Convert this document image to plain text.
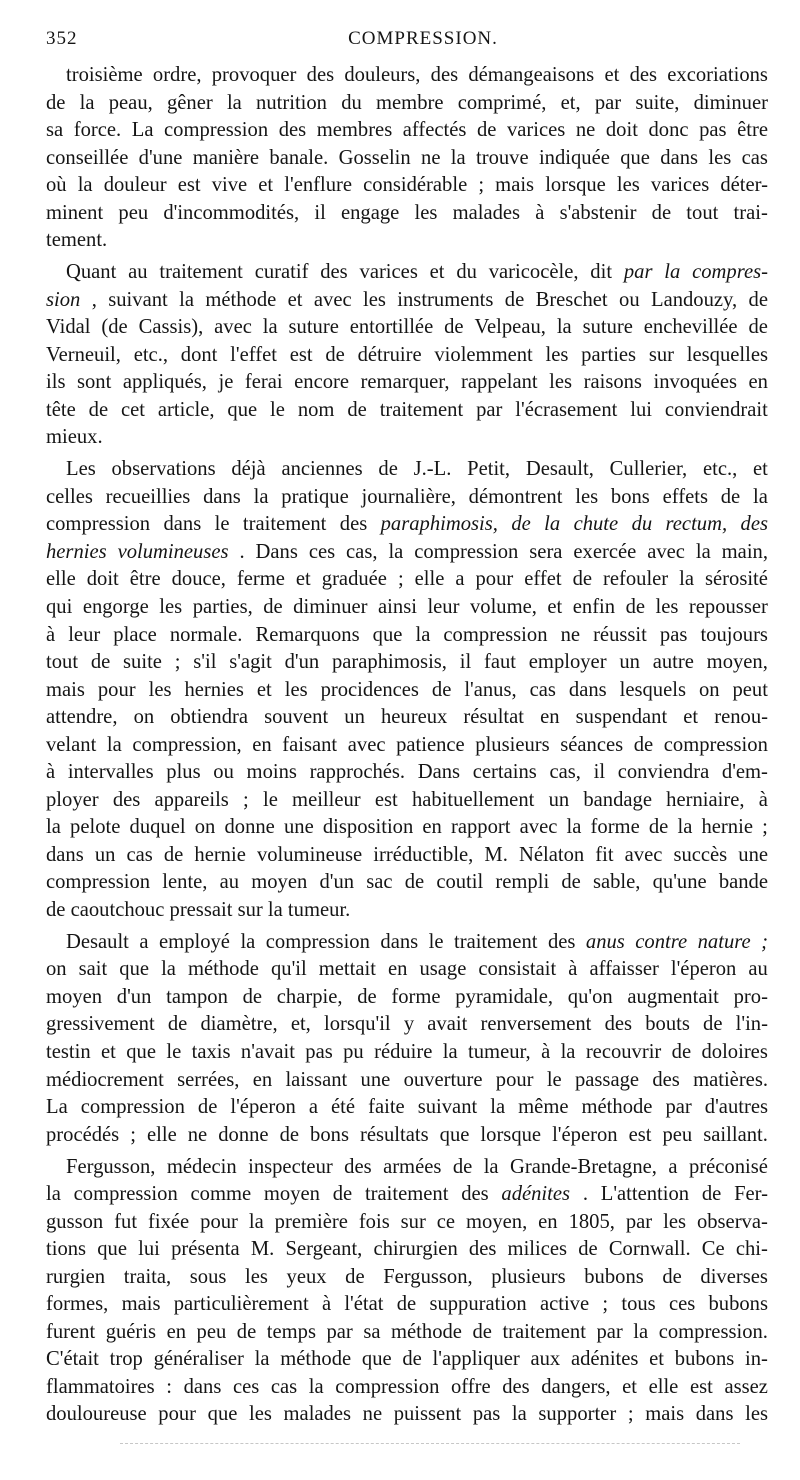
352	COMPRESSION.
troisième ordre, provoquer des douleurs, des démangeaisons et des excoriations
de la peau, gêner la nutrition du membre comprimé, et, par suite, diminuer
sa force. La compression des membres affectés de varices ne doit donc pas être
conseillée d'une manière banale. Gosselin ne la trouve indiquée que dans les cas
où la douleur est vive et l'enflure considérable ; mais lorsque les varices déter-
minent peu d'incommodités, il engage les malades à s'abstenir de tout trai-
tement.
Quant au traitement curatif des varices et du varicocèle, dit par la compres-
sion , suivant la méthode et avec les instruments de Breschet ou Landouzy, de
Vidal (de Cassis), avec la suture entortillée de Velpeau, la suture enchevillée de
Verneuil, etc., dont l'effet est de détruire violemment les parties sur lesquelles
ils sont appliqués, je ferai encore remarquer, rappelant les raisons invoquées en
tête de cet article, que le nom de traitement par l'écrasement lui conviendrait
mieux.
Les observations déjà anciennes de J.-L. Petit, Desault, Cullerier, etc., et
celles recueillies dans la pratique journalière, démontrent les bons effets de la
compression dans le traitement des paraphimosis, de la chute du rectum, des
hernies volumineuses . Dans ces cas, la compression sera exercée avec la main,
elle doit être douce, ferme et graduée ; elle a pour effet de refouler la sérosité
qui engorge les parties, de diminuer ainsi leur volume, et enfin de les repousser
à leur place normale. Remarquons que la compression ne réussit pas toujours
tout de suite ; s'il s'agit d'un paraphimosis, il faut employer un autre moyen,
mais pour les hernies et les procidences de l'anus, cas dans lesquels on peut
attendre, on obtiendra souvent un heureux résultat en suspendant et renou-
velant la compression, en faisant avec patience plusieurs séances de compression
à intervalles plus ou moins rapprochés. Dans certains cas, il conviendra d'em-
ployer des appareils ; le meilleur est habituellement un bandage herniaire, à
la pelote duquel on donne une disposition en rapport avec la forme de la hernie ;
dans un cas de hernie volumineuse irréductible, M. Nélaton fit avec succès une
compression lente, au moyen d'un sac de coutil rempli de sable, qu'une bande
de caoutchouc pressait sur la tumeur.
Desault a employé la compression dans le traitement des anus contre nature ;
on sait que la méthode qu'il mettait en usage consistait à affaisser l'éperon au
moyen d'un tampon de charpie, de forme pyramidale, qu'on augmentait pro-
gressivement de diamètre, et, lorsqu'il y avait renversement des bouts de l'in-
testin et que le taxis n'avait pas pu réduire la tumeur, à la recouvrir de doloires
médiocrement serrées, en laissant une ouverture pour le passage des matières.
La compression de l'éperon a été faite suivant la même méthode par d'autres
procédés ; elle ne donne de bons résultats que lorsque l'éperon est peu saillant.
Fergusson, médecin inspecteur des armées de la Grande-Bretagne, a préconisé
la compression comme moyen de traitement des adénites . L'attention de Fer-
gusson fut fixée pour la première fois sur ce moyen, en 1805, par les observa-
tions que lui présenta M. Sergeant, chirurgien des milices de Cornwall. Ce chi-
rurgien traita, sous les yeux de Fergusson, plusieurs bubons de diverses
formes, mais particulièrement à l'état de suppuration active ; tous ces bubons
furent guéris en peu de temps par sa méthode de traitement par la compression.
C'était trop généraliser la méthode que de l'appliquer aux adénites et bubons in-
flammatoires : dans ces cas la compression offre des dangers, et elle est assez
douloureuse pour que les malades ne puissent pas la supporter ; mais dans les
